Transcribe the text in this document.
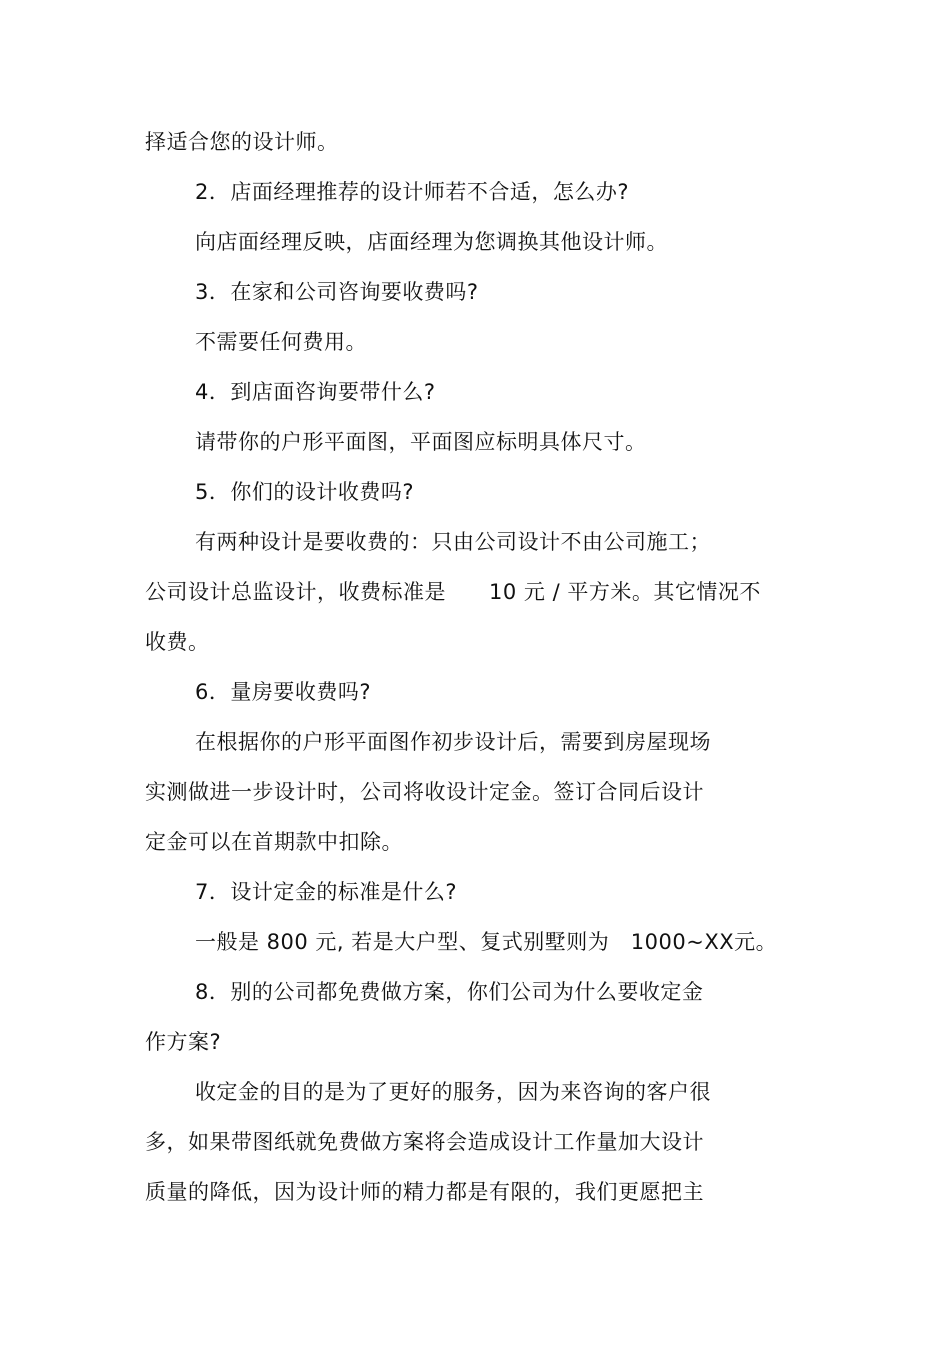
择适合您的设计师。
2．店面经理推荐的设计师若不合适，怎么办?
向店面经理反映，店面经理为您调换其他设计师。
3．在家和公司咨询要收费吗?
不需要任何费用。
4．到店面咨询要带什么?
请带你的户形平面图，平面图应标明具体尺寸。
5．你们的设计收费吗?
有两种设计是要收费的：只由公司设计不由公司施工；
公司设计总监设计，收费标准是　　10 元 / 平方米。其它情况不
收费。
6．量房要收费吗?
在根据你的户形平面图作初步设计后，需要到房屋现场
实测做进一步设计时，公司将收设计定金。签订合同后设计
定金可以在首期款中扣除。
7．设计定金的标准是什么?
一般是 800 元, 若是大户型、复式别墅则为　1000~XX元。
8．别的公司都免费做方案，你们公司为什么要收定金
作方案?
收定金的目的是为了更好的服务，因为来咨询的客户很
多，如果带图纸就免费做方案将会造成设计工作量加大设计
质量的降低，因为设计师的精力都是有限的，我们更愿把主
